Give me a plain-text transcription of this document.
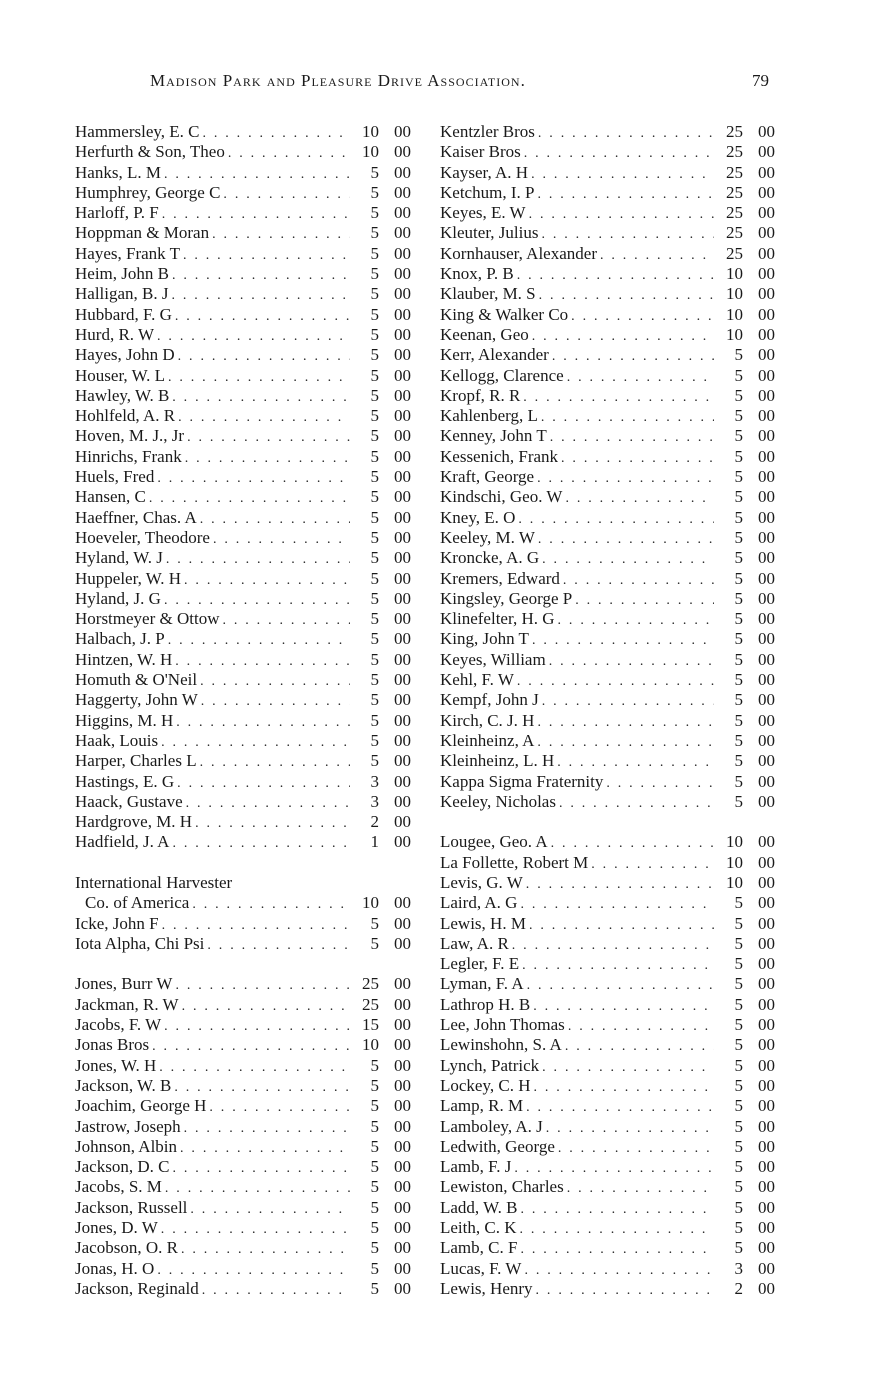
Madison Park and Pleasure Drive Association.	79
Hammersley, E. C . . .	10 00
Herfurth & Son, Theo . . .	10 00
Hanks, L. M . . .	5 00
Humphrey, George C . . .	5 00
Harloff, P. F . . .	5 00
Hoppman & Moran . . .	5 00
Hayes, Frank T . . .	5 00
Heim, John B . . .	5 00
Halligan, B. J . . .	5 00
Hubbard, F. G . . .	5 00
Hurd, R. W . . .	5 00
Hayes, John D . . .	5 00
Houser, W. L . . .	5 00
Hawley, W. B . . .	5 00
Hohlfeld, A. R . . .	5 00
Hoven, M. J., Jr . . .	5 00
Hinrichs, Frank . . .	5 00
Huels, Fred . . .	5 00
Hansen, C . . .	5 00
Haeffner, Chas. A . . .	5 00
Hoeveler, Theodore . . .	5 00
Hyland, W. J . . .	5 00
Huppeler, W. H . . .	5 00
Hyland, J. G . . .	5 00
Horstmeyer & Ottow . . .	5 00
Halbach, J. P . . .	5 00
Hintzen, W. H . . .	5 00
Homuth & O'Neil . . .	5 00
Haggerty, John W . . .	5 00
Higgins, M. H . . .	5 00
Haak, Louis . . .	5 00
Harper, Charles L . . .	5 00
Hastings, E. G . . .	3 00
Haack, Gustave . . .	3 00
Hardgrove, M. H . . .	2 00
Hadfield, J. A . . .	1 00
International Harvester
Co. of America . . .	10 00
Icke, John F . . .	5 00
Iota Alpha, Chi Psi . . .	5 00
Jones, Burr W . . .	25 00
Jackman, R. W . . .	25 00
Jacobs, F. W . . .	15 00
Jonas Bros . . .	10 00
Jones, W. H . . .	5 00
Jackson, W. B . . .	5 00
Joachim, George H . . .	5 00
Jastrow, Joseph . . .	5 00
Johnson, Albin . . .	5 00
Jackson, D. C . . .	5 00
Jacobs, S. M . . .	5 00
Jackson, Russell . . .	5 00
Jones, D. W . . .	5 00
Jacobson, O. R . . .	5 00
Jonas, H. O . . .	5 00
Jackson, Reginald . . .	5 00
Kentzler Bros . . .	25 00
Kaiser Bros . . .	25 00
Kayser, A. H . . .	25 00
Ketchum, I. P . . .	25 00
Keyes, E. W . . .	25 00
Kleuter, Julius . . .	25 00
Kornhauser, Alexander . . .	25 00
Knox, P. B . . .	10 00
Klauber, M. S . . .	10 00
King & Walker Co . . .	10 00
Keenan, Geo . . .	10 00
Kerr, Alexander . . .	5 00
Kellogg, Clarence . . .	5 00
Kropf, R. R . . .	5 00
Kahlenberg, L . . .	5 00
Kenney, John T . . .	5 00
Kessenich, Frank . . .	5 00
Kraft, George . . .	5 00
Kindschi, Geo. W . . .	5 00
Kney, E. O . . .	5 00
Keeley, M. W . . .	5 00
Kroncke, A. G . . .	5 00
Kremers, Edward . . .	5 00
Kingsley, George P . . .	5 00
Klinefelter, H. G . . .	5 00
King, John T . . .	5 00
Keyes, William . . .	5 00
Kehl, F. W . . .	5 00
Kempf, John J . . .	5 00
Kirch, C. J. H . . .	5 00
Kleinheinz, A . . .	5 00
Kleinheinz, L. H . . .	5 00
Kappa Sigma Fraternity . . .	5 00
Keeley, Nicholas . . .	5 00
Lougee, Geo. A . . .	10 00
La Follette, Robert M . . .	10 00
Levis, G. W . . .	10 00
Laird, A. G . . .	5 00
Lewis, H. M . . .	5 00
Law, A. R . . .	5 00
Legler, F. E . . .	5 00
Lyman, F. A . . .	5 00
Lathrop H. B . . .	5 00
Lee, John Thomas . . .	5 00
Lewinshohn, S. A . . .	5 00
Lynch, Patrick . . .	5 00
Lockey, C. H . . .	5 00
Lamp, R. M . . .	5 00
Lamboley, A. J . . .	5 00
Ledwith, George . . .	5 00
Lamb, F. J . . .	5 00
Lewiston, Charles . . .	5 00
Ladd, W. B . . .	5 00
Leith, C. K . . .	5 00
Lamb, C. F . . .	5 00
Lucas, F. W . . .	3 00
Lewis, Henry . . .	2 00
